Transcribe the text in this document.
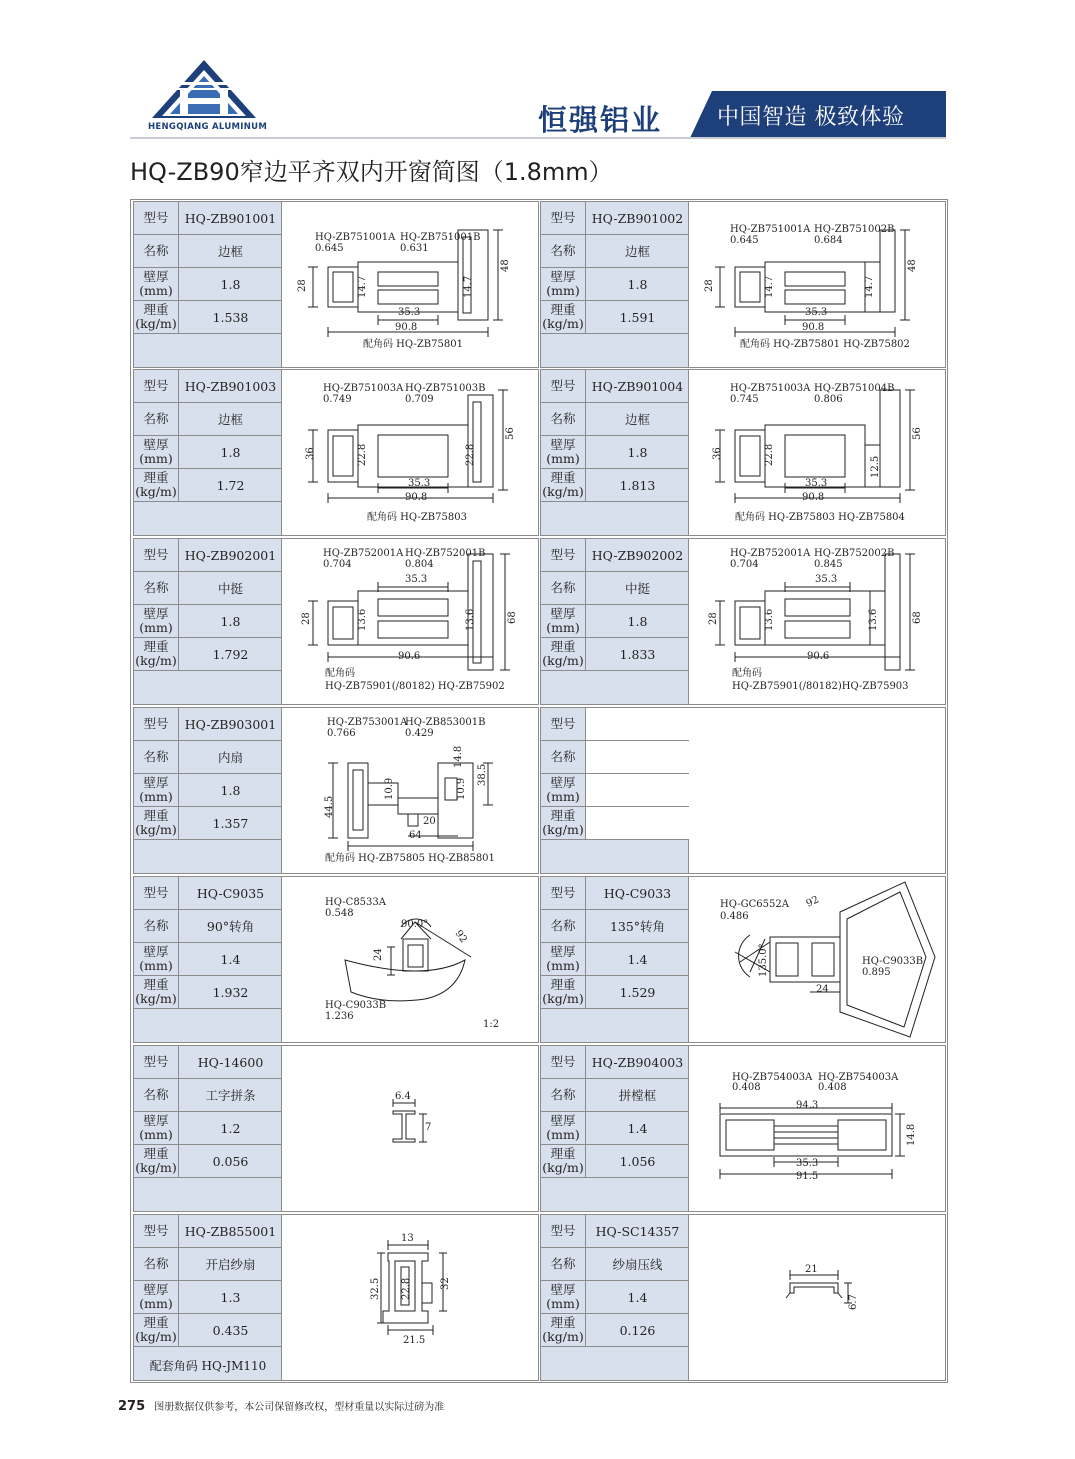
HENGQIANG ALUMINUM	恒强铝业 中国智造 极致体验
HQ-ZB90窄边平齐双内开窗简图（1.8mm）
型号	HQ-ZB901001
名称	边框
壁厚
(mm)	1.8
理重
(kg/m)	1.538
HQ-ZB751001A HQ-ZB751001B
0.645	0.631
28	14.7	14.7
48
35.3
90.8
配角码 HQ-ZB75801
型号	HQ-ZB901002
名称	边框
壁厚
(mm)	1.8
理重
(kg/m)	1.591
HQ-ZB751001A HQ-ZB751002B
0.645	0.684
28	14.7	14.7
48
35.3
90.8
配角码 HQ-ZB75801 HQ-ZB75802
型号	HQ-ZB901003
名称	边框
壁厚
(mm)	1.8
理重
(kg/m)	1.72
HQ-ZB751003A HQ-ZB751003B
0.749	0.709
36	22.8	22.8
56
35.3
90.8
配角码 HQ-ZB75803
型号	HQ-ZB901004
名称	边框
壁厚
(mm)	1.8
理重
(kg/m)	1.813
HQ-ZB751003A HQ-ZB751004B
0.745	0.806
36	22.8
12.5
56
35.3
90.8
配角码 HQ-ZB75803 HQ-ZB75804
型号	HQ-ZB902001
名称	中挺
壁厚
(mm)	1.8
理重
(kg/m)	1.792
HQ-ZB752001A HQ-ZB752001B
0.704	0.804
35.3
28	13.6	13.6	68
90.6
配角码
HQ-ZB75901(/80182) HQ-ZB75902
型号	HQ-ZB902002
名称	中挺
壁厚
(mm)	1.8
理重
(kg/m)	1.833
HQ-ZB752001A HQ-ZB752002B
0.704	0.845
35.3
28	13.6	13.6	68
90.6
配角码
HQ-ZB75901(/80182)HQ-ZB75903
型号	HQ-ZB903001
名称	内扇
壁厚
(mm)	1.8
理重
(kg/m)	1.357
HQ-ZB753001A
HQ-ZB853001B
0.766	0.429
44.5
10.9	10.9
14.8
38.5
20
64
配角码 HQ-ZB75805 HQ-ZB85801
型号
名称
壁厚
(mm)
理重
(kg/m)
型号	HQ-C9035
名称	90°转角
壁厚
(mm)	1.4
理重
(kg/m)	1.932
HQ-C8533A
0.548
90.0°
92
24
HQ-C9033B
1.236
1:2
型号	HQ-C9033
名称	135°转角
壁厚
(mm)	1.4
理重
(kg/m)	1.529
HQ-GC6552A
0.486
92
135.0°
24
HQ-C9033B
0.895
型号	HQ-14600
名称	工字拼条
壁厚
(mm)	1.2
理重
(kg/m)	0.056
6.4
7
型号	HQ-ZB904003
名称	拼樘框
壁厚
(mm)	1.4
理重
(kg/m)	1.056
HQ-ZB754003A HQ-ZB754003A
0.408	0.408
94.3
14.8
35.3
91.5
型号	HQ-ZB855001
名称	开启纱扇
壁厚
(mm)	1.3
理重
(kg/m)	0.435
配套角码 HQ-JM110
13
32.5 22.8	32
21.5
型号	HQ-SC14357
名称	纱扇压线
壁厚
(mm)	1.4
理重
(kg/m)	0.126
21
6.7
275 图册数据仅供参考，本公司保留修改权，型材重量以实际过磅为准
